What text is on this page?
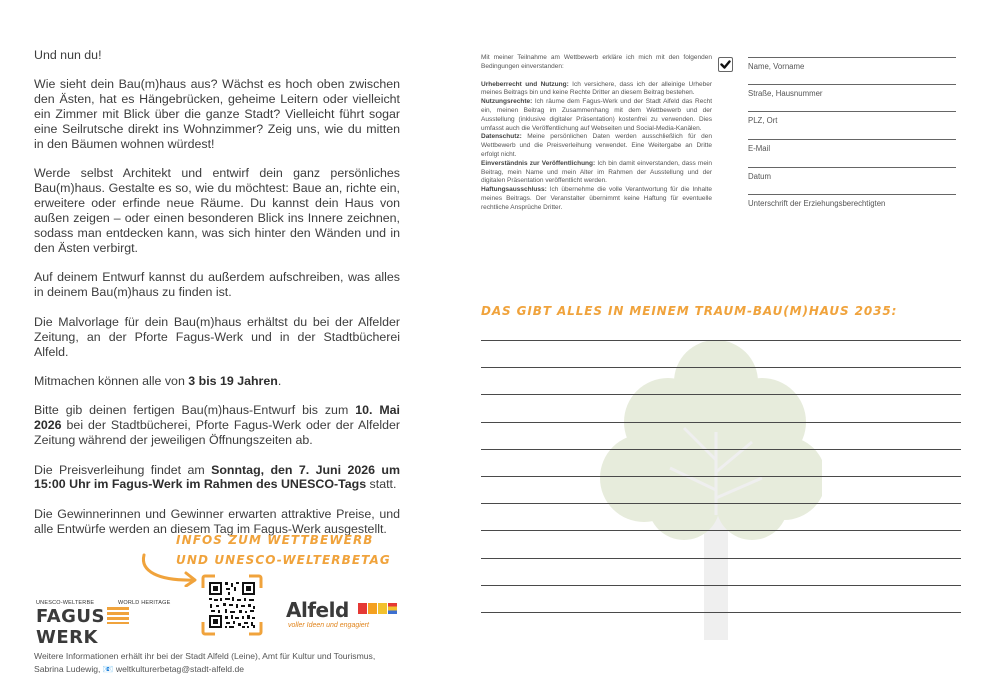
Und nun du!

Wie sieht dein Bau(m)haus aus? Wächst es hoch oben zwischen den Ästen, hat es Hängebrücken, geheime Leitern oder vielleicht ein Zimmer mit Blick über die ganze Stadt? Vielleicht führt sogar eine Seilrutsche direkt ins Wohnzimmer? Zeig uns, wie du mitten in den Bäumen wohnen würdest!

Werde selbst Architekt und entwirf dein ganz persönliches Bau(m)haus. Gestalte es so, wie du möchtest: Baue an, richte ein, erweitere oder erfinde neue Räume. Du kannst dein Haus von außen zeigen – oder einen besonderen Blick ins Innere zeichnen, sodass man entdecken kann, was sich hinter den Wänden und in den Ästen verbirgt.

Auf deinem Entwurf kannst du außerdem aufschreiben, was alles in deinem Bau(m)haus zu finden ist.

Die Malvorlage für dein Bau(m)haus erhältst du bei der Alfelder Zeitung, an der Pforte Fagus-Werk und in der Stadtbücherei Alfeld.

Mitmachen können alle von 3 bis 19 Jahren.

Bitte gib deinen fertigen Bau(m)haus-Entwurf bis zum 10. Mai 2026 bei der Stadtbücherei, Pforte Fagus-Werk oder der Alfelder Zeitung während der jeweiligen Öffnungszeiten ab.

Die Preisverleihung findet am Sonntag, den 7. Juni 2026 um 15:00 Uhr im Fagus-Werk im Rahmen des UNESCO-Tags statt.

Die Gewinnerinnen und Gewinner erwarten attraktive Preise, und alle Entwürfe werden an diesem Tag im Fagus-Werk ausgestellt.

INFOS ZUM WETTBEWERB
UND UNESCO-WELTERBETAG
UNESCO-WELTERBE	WORLD HERITAGE
FAGUSWERK
Alfeld
voller Ideen und engagiert
Weitere Informationen erhält ihr bei der Stadt Alfeld (Leine), Amt für Kultur und Tourismus,
Sabrina Ludewig, 📧 weltkulturerbetag@stadt-alfeld.de

Mit meiner Teilnahme am Wettbewerb erkläre ich mich mit den folgenden Bedingungen einverstanden:

Urheberrecht und Nutzung: Ich versichere, dass ich der alleinige Urheber meines Beitrags bin und keine Rechte Dritter an diesem Beitrag bestehen.

Nutzungsrechte: Ich räume dem Fagus-Werk und der Stadt Alfeld das Recht ein, meinen Beitrag im Zusammenhang mit dem Wettbewerb und der Ausstellung (inklusive digitaler Präsentation) kostenfrei zu verwenden. Dies umfasst auch die Veröffentlichung auf Webseiten und Social-Media-Kanälen.

Datenschutz: Meine persönlichen Daten werden ausschließlich für den Wettbewerb und die Preisverleihung verwendet. Eine Weitergabe an Dritte erfolgt nicht.

Einverständnis zur Veröffentlichung: Ich bin damit einverstanden, dass mein Beitrag, mein Name und mein Alter im Rahmen der Ausstellung und der digitalen Präsentation veröffentlicht werden.

Haftungsausschluss: Ich übernehme die volle Verantwortung für die Inhalte meines Beitrags. Der Veranstalter übernimmt keine Haftung für eventuelle rechtliche Ansprüche Dritter.

Name, Vorname
Straße, Hausnummer
PLZ, Ort
E-Mail
Datum
Unterschrift der Erziehungsberechtigten
DAS GIBT ALLES IN MEINEM TRAUM-BAU(M)HAUS 2035:
